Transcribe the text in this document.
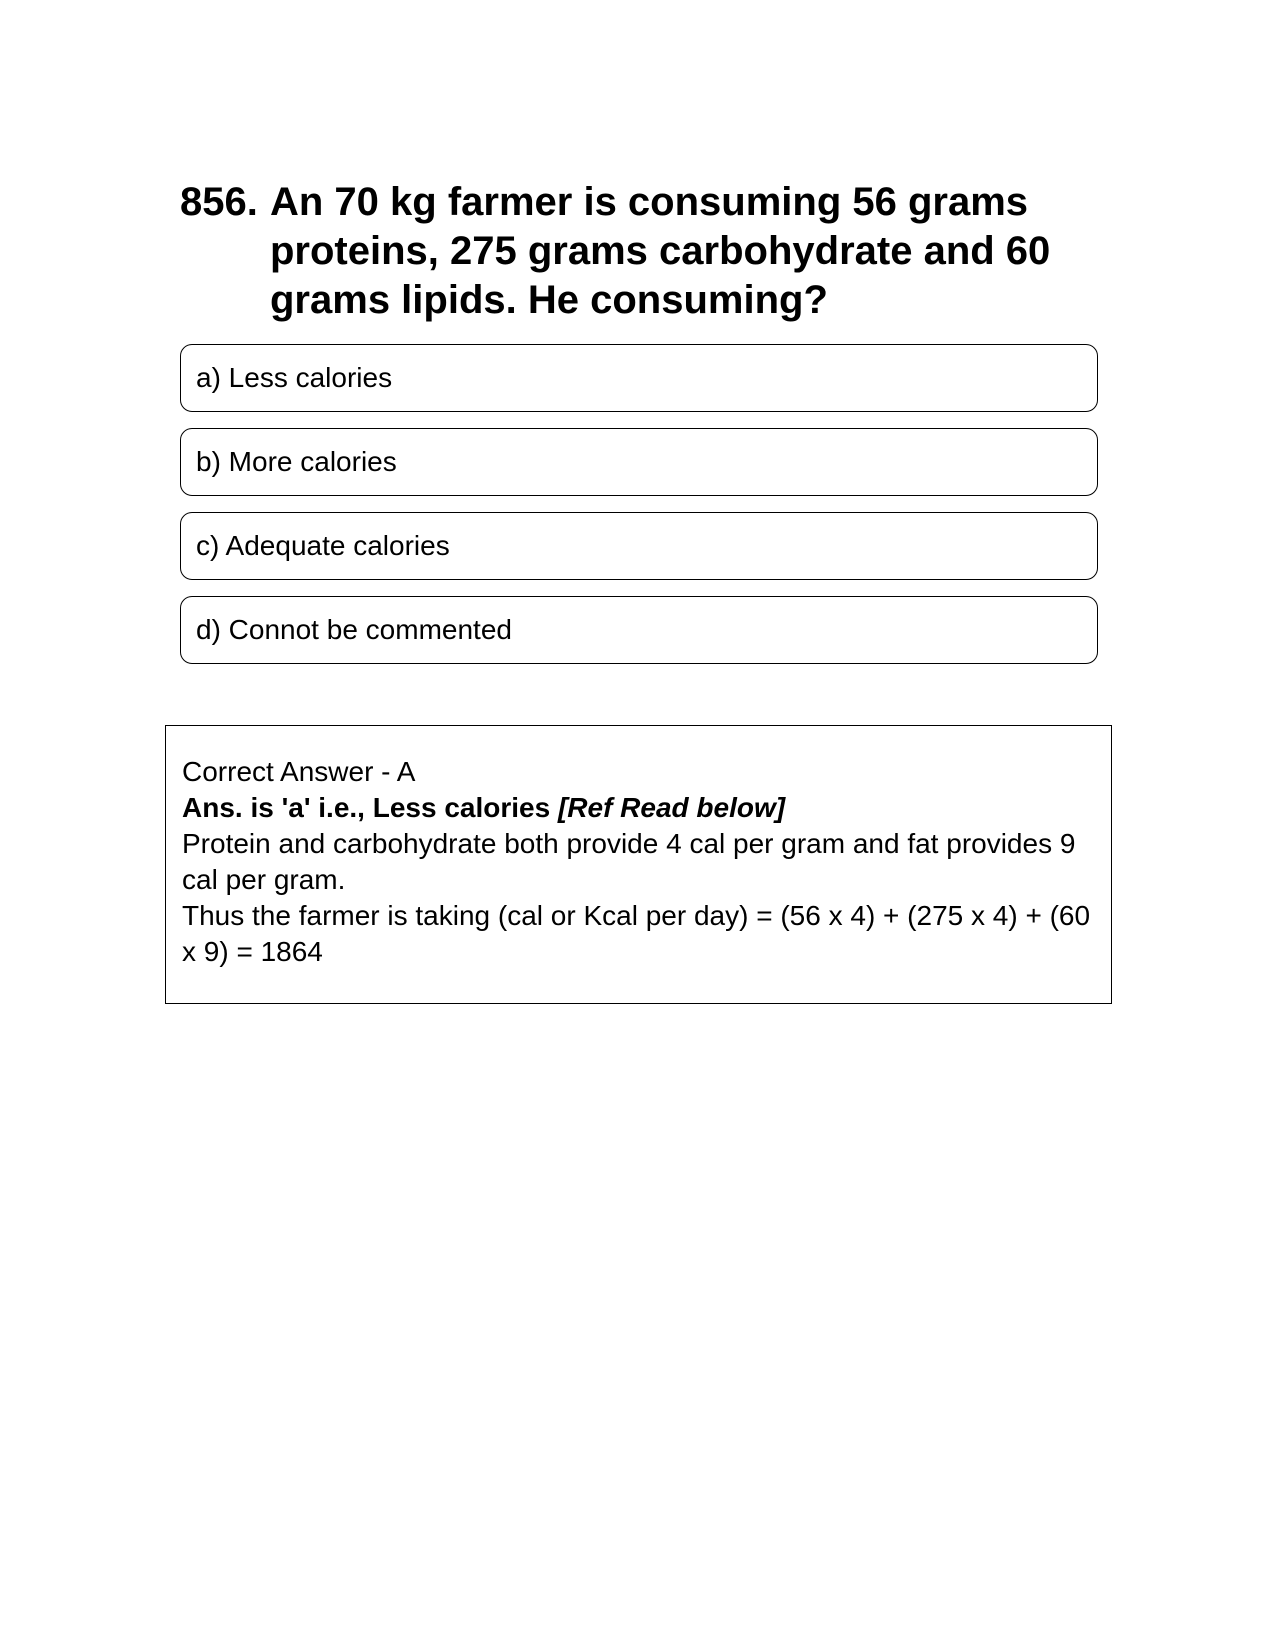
856. An 70 kg farmer is consuming 56 grams proteins, 275 grams carbohydrate and 60 grams lipids. He consuming?
a) Less calories
b) More calories
c) Adequate calories
d) Connot be commented
Correct Answer - A
Ans. is 'a' i.e., Less calories [Ref Read below]
Protein and carbohydrate both provide 4 cal per gram and fat provides 9 cal per gram.
Thus the farmer is taking (cal or Kcal per day) = (56 x 4) + (275 x 4) + (60 x 9) = 1864
